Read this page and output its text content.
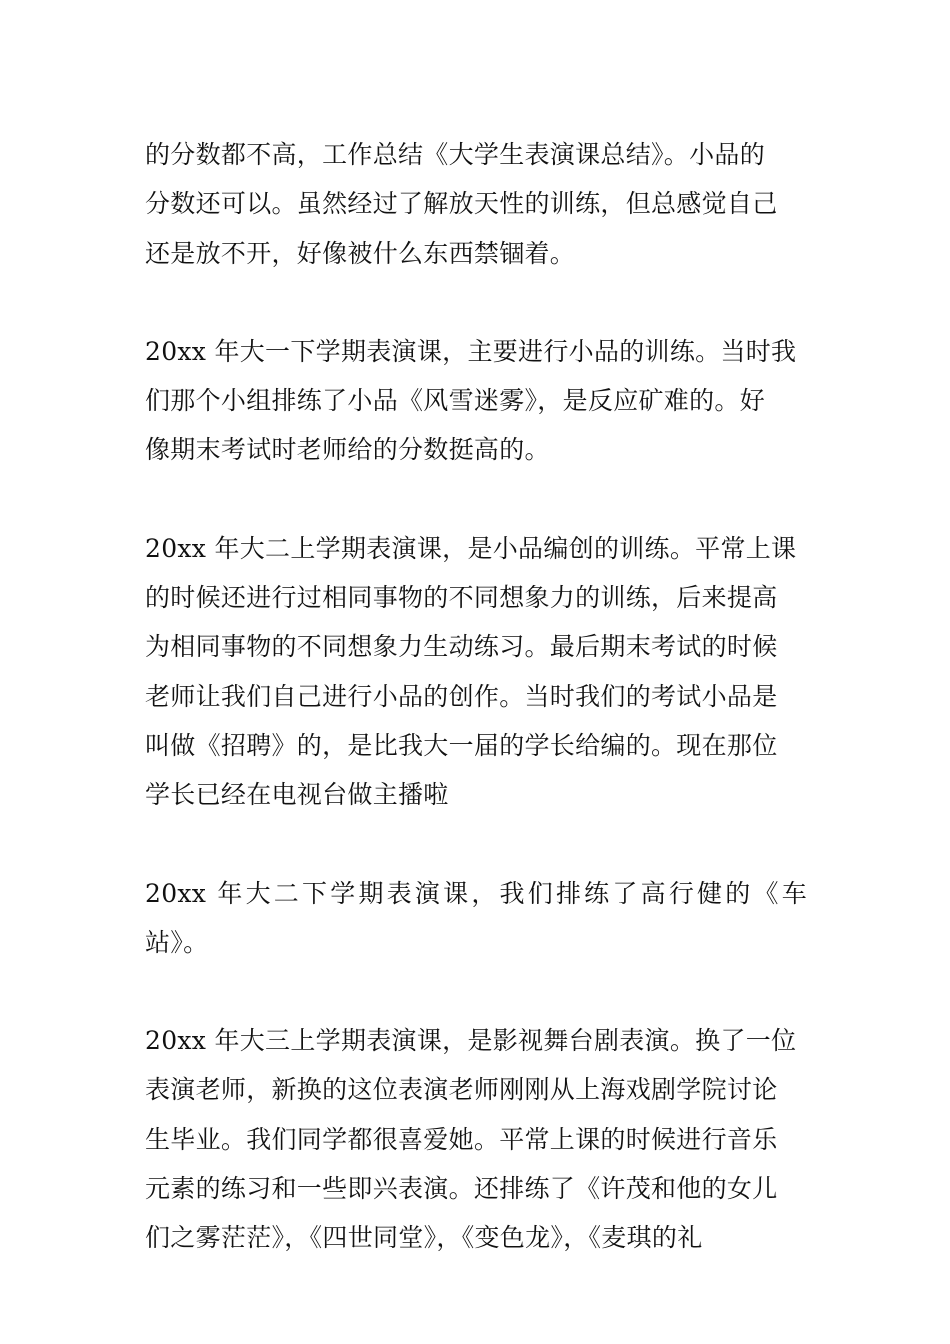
的分数都不高，工作总结《大学生表演课总结》。小品的
分数还可以。虽然经过了解放天性的训练，但总感觉自己
还是放不开，好像被什么东西禁锢着。

20xx 年大一下学期表演课，主要进行小品的训练。当时我
们那个小组排练了小品《风雪迷雾》，是反应矿难的。好
像期末考试时老师给的分数挺高的。

20xx 年大二上学期表演课，是小品编创的训练。平常上课
的时候还进行过相同事物的不同想象力的训练，后来提高
为相同事物的不同想象力生动练习。最后期末考试的时候
老师让我们自己进行小品的创作。当时我们的考试小品是
叫做《招聘》的，是比我大一届的学长给编的。现在那位
学长已经在电视台做主播啦

20xx 年大二下学期表演课，我们排练了高行健的《车站》。

20xx 年大三上学期表演课，是影视舞台剧表演。换了一位
表演老师，新换的这位表演老师刚刚从上海戏剧学院讨论
生毕业。我们同学都很喜爱她。平常上课的时候进行音乐
元素的练习和一些即兴表演。还排练了《许茂和他的女儿
们之雾茫茫》，《四世同堂》，《变色龙》，《麦琪的礼
